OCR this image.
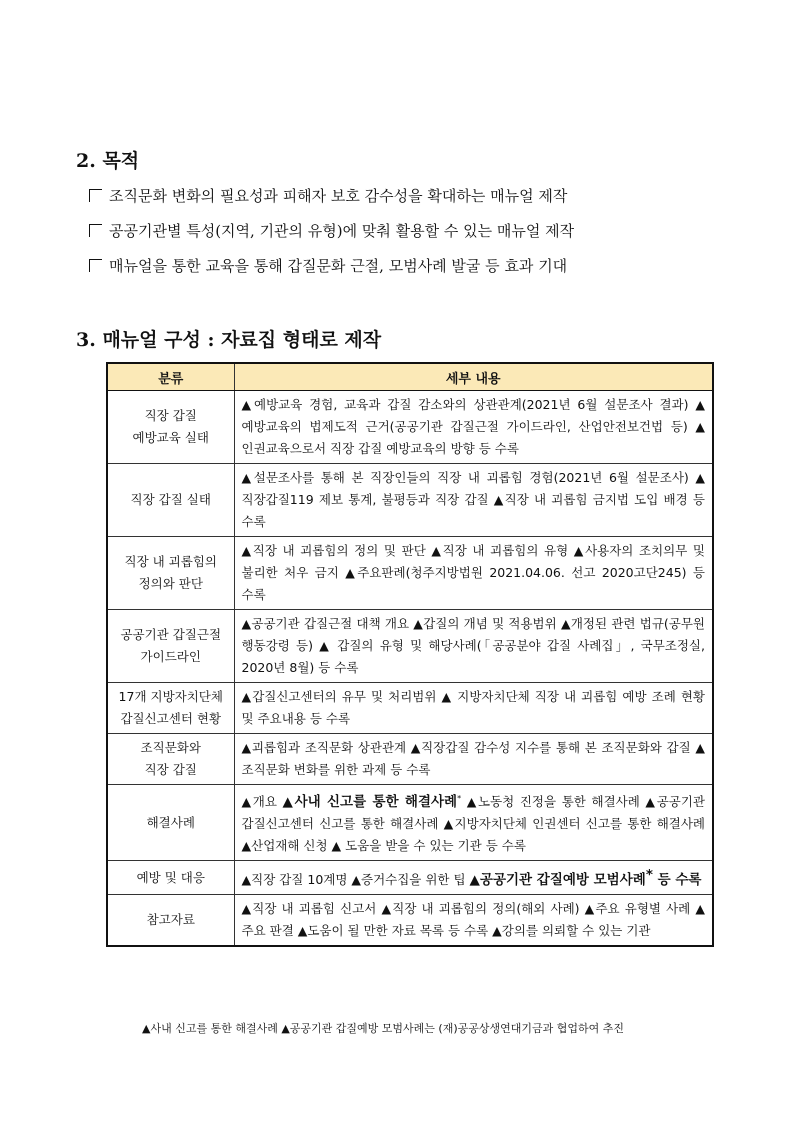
2. 목적
조직문화 변화의 필요성과 피해자 보호 감수성을 확대하는 매뉴얼 제작
공공기관별 특성(지역, 기관의 유형)에 맞춰 활용할 수 있는 매뉴얼 제작
매뉴얼을 통한 교육을 통해 갑질문화 근절, 모범사례 발굴 등 효과 기대
3. 매뉴얼 구성 : 자료집 형태로 제작
분류	세부 내용

직장 갑질
예방교육 실태	▲예방교육 경험, 교육과 갑질 감소와의 상관관계(2021년 6월 설문조사 결과) ▲예방교육의 법제도적 근거(공공기관 갑질근절 가이드라인, 산업안전보건법 등) ▲인권교육으로서 직장 갑질 예방교육의 방향 등 수록

직장 갑질 실태	▲설문조사를 통해 본 직장인들의 직장 내 괴롭힘 경험(2021년 6월 설문조사) ▲직장갑질119 제보 통계, 불평등과 직장 갑질 ▲직장 내 괴롭힘 금지법 도입 배경 등 수록

직장 내 괴롭힘의
정의와 판단	▲직장 내 괴롭힘의 정의 및 판단 ▲직장 내 괴롭힘의 유형 ▲사용자의 조치의무 및 불리한 처우 금지 ▲주요판례(청주지방법원 2021.04.06. 선고 2020고단245) 등 수록

공공기관 갑질근절
가이드라인	▲공공기관 갑질근절 대책 개요 ▲갑질의 개념 및 적용범위 ▲개정된 관련 법규(공무원 행동강령 등) ▲ 갑질의 유형 및 해당사례(「공공분야 갑질 사례집」, 국무조정실, 2020년 8월) 등 수록

17개 지방자치단체
갑질신고센터 현황	▲갑질신고센터의 유무 및 처리범위 ▲ 지방자치단체 직장 내 괴롭힘 예방 조례 현황 및 주요내용 등 수록

조직문화와
직장 갑질	▲괴롭힘과 조직문화 상관관계 ▲직장갑질 감수성 지수를 통해 본 조직문화와 갑질 ▲조직문화 변화를 위한 과제 등 수록

해결사례	▲개요 ▲사내 신고를 통한 해결사례* ▲노동청 진정을 통한 해결사례 ▲공공기관 갑질신고센터 신고를 통한 해결사례 ▲지방자치단체 인권센터 신고를 통한 해결사례 ▲산업재해 신청 ▲ 도움을 받을 수 있는 기관 등 수록

예방 및 대응	▲직장 갑질 10계명 ▲증거수집을 위한 팁 ▲공공기관 갑질예방 모범사례* 등 수록

참고자료	▲직장 내 괴롭힘 신고서 ▲직장 내 괴롭힘의 정의(해외 사례) ▲주요 유형별 사례 ▲주요 판결 ▲도움이 될 만한 자료 목록 등 수록 ▲강의를 의뢰할 수 있는 기관
▲사내 신고를 통한 해결사례 ▲공공기관 갑질예방 모범사례는 (재)공공상생연대기금과 협업하여 추진
